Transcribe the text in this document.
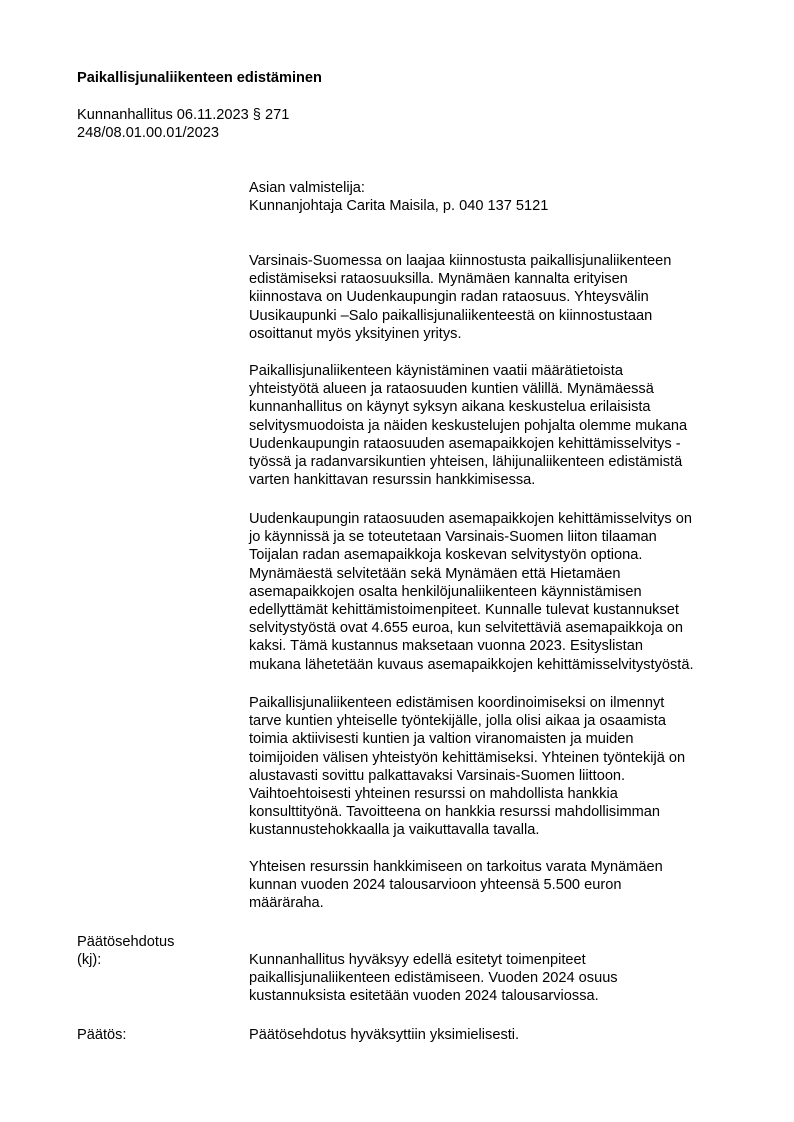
Paikallisjunaliikenteen edistäminen
Kunnanhallitus 06.11.2023 § 271
248/08.01.00.01/2023
Asian valmistelija:
Kunnanjohtaja Carita Maisila, p. 040 137 5121
Varsinais-Suomessa on laajaa kiinnostusta paikallisjunaliikenteen
edistämiseksi rataosuuksilla. Mynämäen kannalta erityisen
kiinnostava on Uudenkaupungin radan rataosuus. Yhteysvälin
Uusikaupunki –Salo paikallisjunaliikenteestä on kiinnostustaan
osoittanut myös yksityinen yritys.
Paikallisjunaliikenteen käynistäminen vaatii määrätietoista
yhteistyötä alueen ja rataosuuden kuntien välillä. Mynämäessä
kunnanhallitus on käynyt syksyn aikana keskustelua erilaisista
selvitysmuodoista ja näiden keskustelujen pohjalta olemme mukana
Uudenkaupungin rataosuuden asemapaikkojen kehittämisselvitys -
työssä ja radanvarsikuntien yhteisen, lähijunaliikenteen edistämistä
varten hankittavan resurssin hankkimisessa.
Uudenkaupungin rataosuuden asemapaikkojen kehittämisselvitys on
jo käynnissä ja se toteutetaan Varsinais-Suomen liiton tilaaman
Toijalan radan asemapaikkoja koskevan selvitystyön optiona.
Mynämäestä selvitetään sekä Mynämäen että Hietamäen
asemapaikkojen osalta henkilöjunaliikenteen käynnistämisen
edellyttämät kehittämistoimenpiteet. Kunnalle tulevat kustannukset
selvitystyöstä ovat 4.655 euroa, kun selvitettäviä asemapaikkoja on
kaksi. Tämä kustannus maksetaan vuonna 2023. Esityslistan
mukana lähetetään kuvaus asemapaikkojen kehittämisselvitystyöstä.
Paikallisjunaliikenteen edistämisen koordinoimiseksi on ilmennyt
tarve kuntien yhteiselle työntekijälle, jolla olisi aikaa ja osaamista
toimia aktiivisesti kuntien ja valtion viranomaisten ja muiden
toimijoiden välisen yhteistyön kehittämiseksi. Yhteinen työntekijä on
alustavasti sovittu palkattavaksi Varsinais-Suomen liittoon.
Vaihtoehtoisesti yhteinen resurssi on mahdollista hankkia
konsulttityönä. Tavoitteena on hankkia resurssi mahdollisimman
kustannustehokkaalla ja vaikuttavalla tavalla.
Yhteisen resurssin hankkimiseen on tarkoitus varata Mynämäen
kunnan vuoden 2024 talousarvioon yhteensä 5.500 euron
määräraha.
Päätösehdotus
(kj):	Kunnanhallitus hyväksyy edellä esitetyt toimenpiteet
paikallisjunaliikenteen edistämiseen. Vuoden 2024 osuus
kustannuksista esitetään vuoden 2024 talousarviossa.
Päätös:	Päätösehdotus hyväksyttiin yksimielisesti.
